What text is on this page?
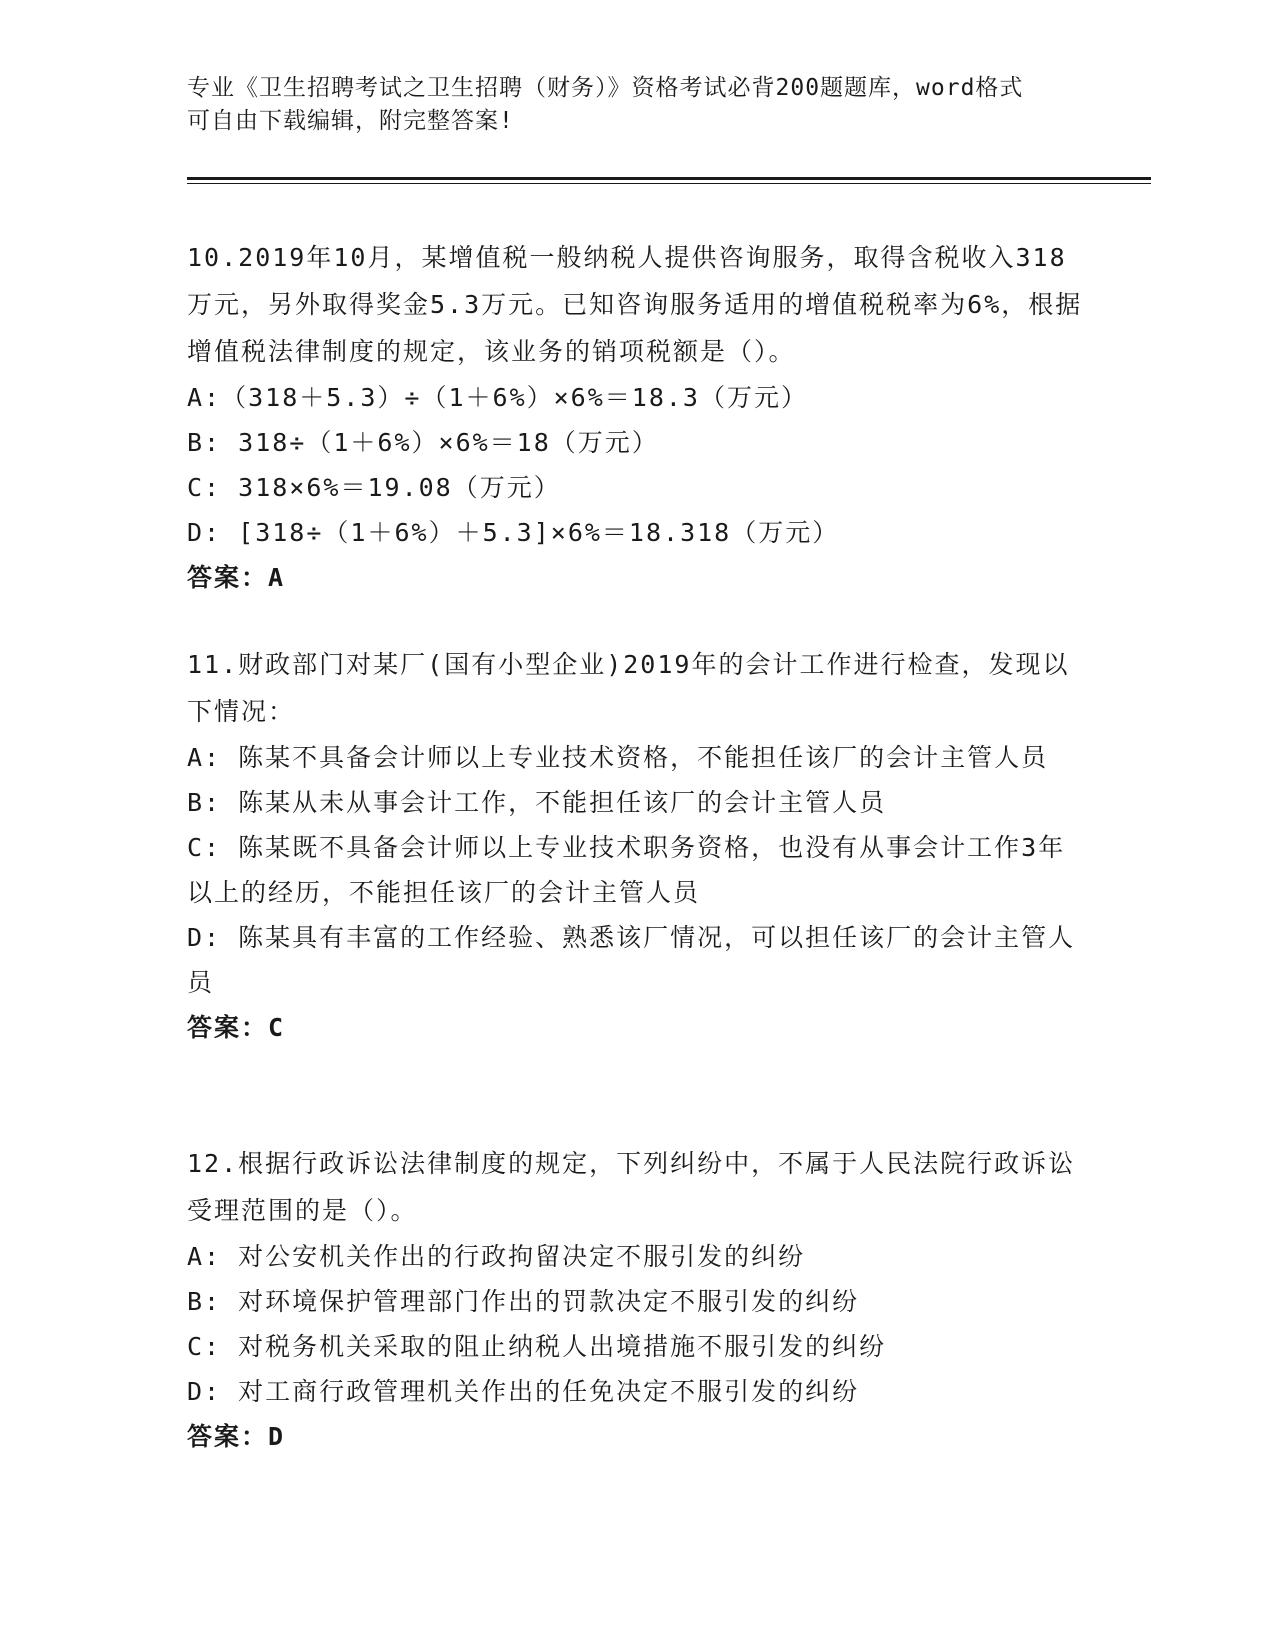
专业《卫生招聘考试之卫生招聘（财务）》资格考试必背200题题库，word格式
可自由下载编辑，附完整答案!

10.2019年10月，某增值税一般纳税人提供咨询服务，取得含税收入318万元，另外取得奖金5.3万元。已知咨询服务适用的增值税税率为6%，根据增值税法律制度的规定，该业务的销项税额是（）。

A:（318＋5.3）÷（1＋6%）×6%＝18.3（万元）

B: 318÷（1＋6%）×6%＝18（万元）

C: 318×6%＝19.08（万元）

D: [318÷（1＋6%）＋5.3]×6%＝18.318（万元）

答案：A

11.财政部门对某厂(国有小型企业)2019年的会计工作进行检查，发现以下情况：

A: 陈某不具备会计师以上专业技术资格，不能担任该厂的会计主管人员

B: 陈某从未从事会计工作，不能担任该厂的会计主管人员

C: 陈某既不具备会计师以上专业技术职务资格，也没有从事会计工作3年以上的经历，不能担任该厂的会计主管人员

D: 陈某具有丰富的工作经验、熟悉该厂情况，可以担任该厂的会计主管人员

答案：C

12.根据行政诉讼法律制度的规定，下列纠纷中，不属于人民法院行政诉讼受理范围的是（）。

A: 对公安机关作出的行政拘留决定不服引发的纠纷

B: 对环境保护管理部门作出的罚款决定不服引发的纠纷

C: 对税务机关采取的阻止纳税人出境措施不服引发的纠纷

D: 对工商行政管理机关作出的任免决定不服引发的纠纷

答案：D
